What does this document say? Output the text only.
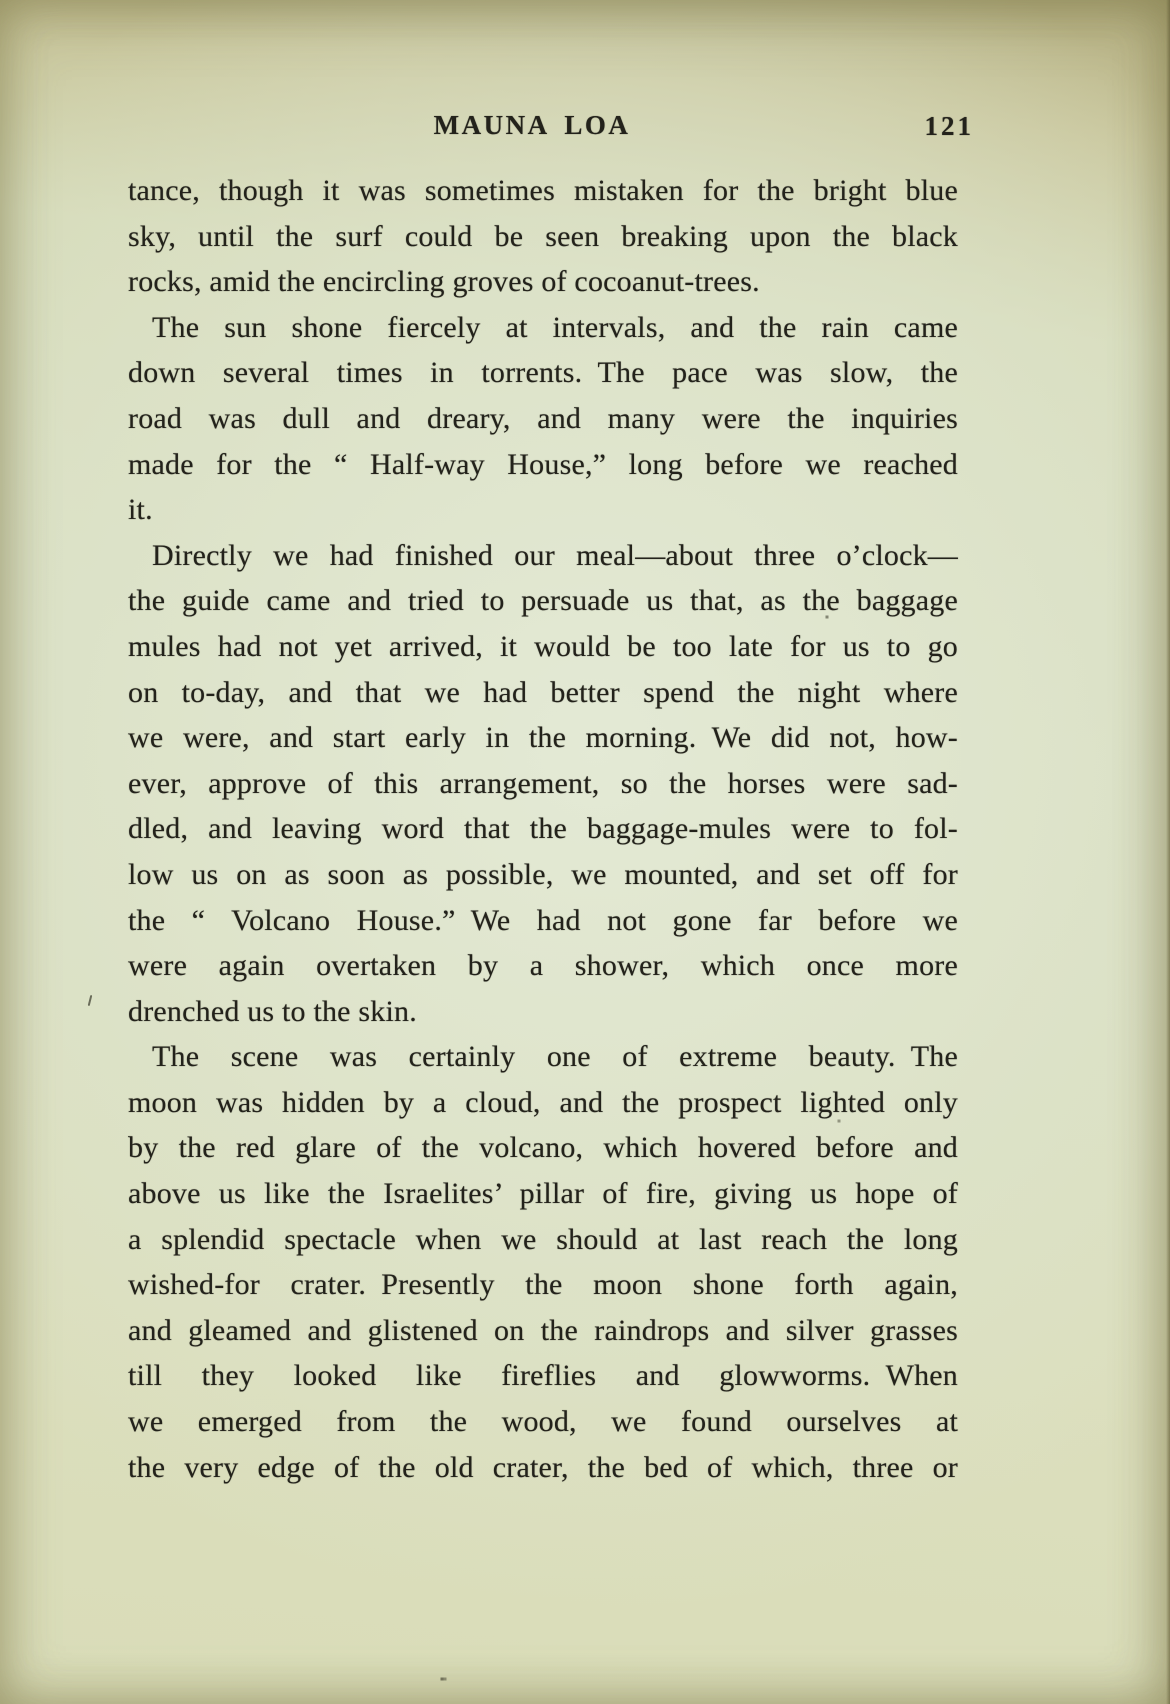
MAUNA LOA	121
tance, though it was sometimes mistaken for the bright blue
sky, until the surf could be seen breaking upon the black
rocks, amid the encircling groves of cocoanut-trees.
The sun shone fiercely at intervals, and the rain came
down several times in torrents. The pace was slow, the
road was dull and dreary, and many were the inquiries
made for the “ Half-way House,” long before we reached
it.
Directly we had finished our meal—about three o’clock—
the guide came and tried to persuade us that, as the baggage
mules had not yet arrived, it would be too late for us to go
on to-day, and that we had better spend the night where
we were, and start early in the morning. We did not, how-
ever, approve of this arrangement, so the horses were sad-
dled, and leaving word that the baggage-mules were to fol-
low us on as soon as possible, we mounted, and set off for
the “ Volcano House.” We had not gone far before we
were again overtaken by a shower, which once more
drenched us to the skin.
The scene was certainly one of extreme beauty. The
moon was hidden by a cloud, and the prospect lighted only
by the red glare of the volcano, which hovered before and
above us like the Israelites’ pillar of fire, giving us hope of
a splendid spectacle when we should at last reach the long
wished-for crater. Presently the moon shone forth again,
and gleamed and glistened on the raindrops and silver grasses
till they looked like fireflies and glowworms. When
we emerged from the wood, we found ourselves at
the very edge of the old crater, the bed of which, three or
